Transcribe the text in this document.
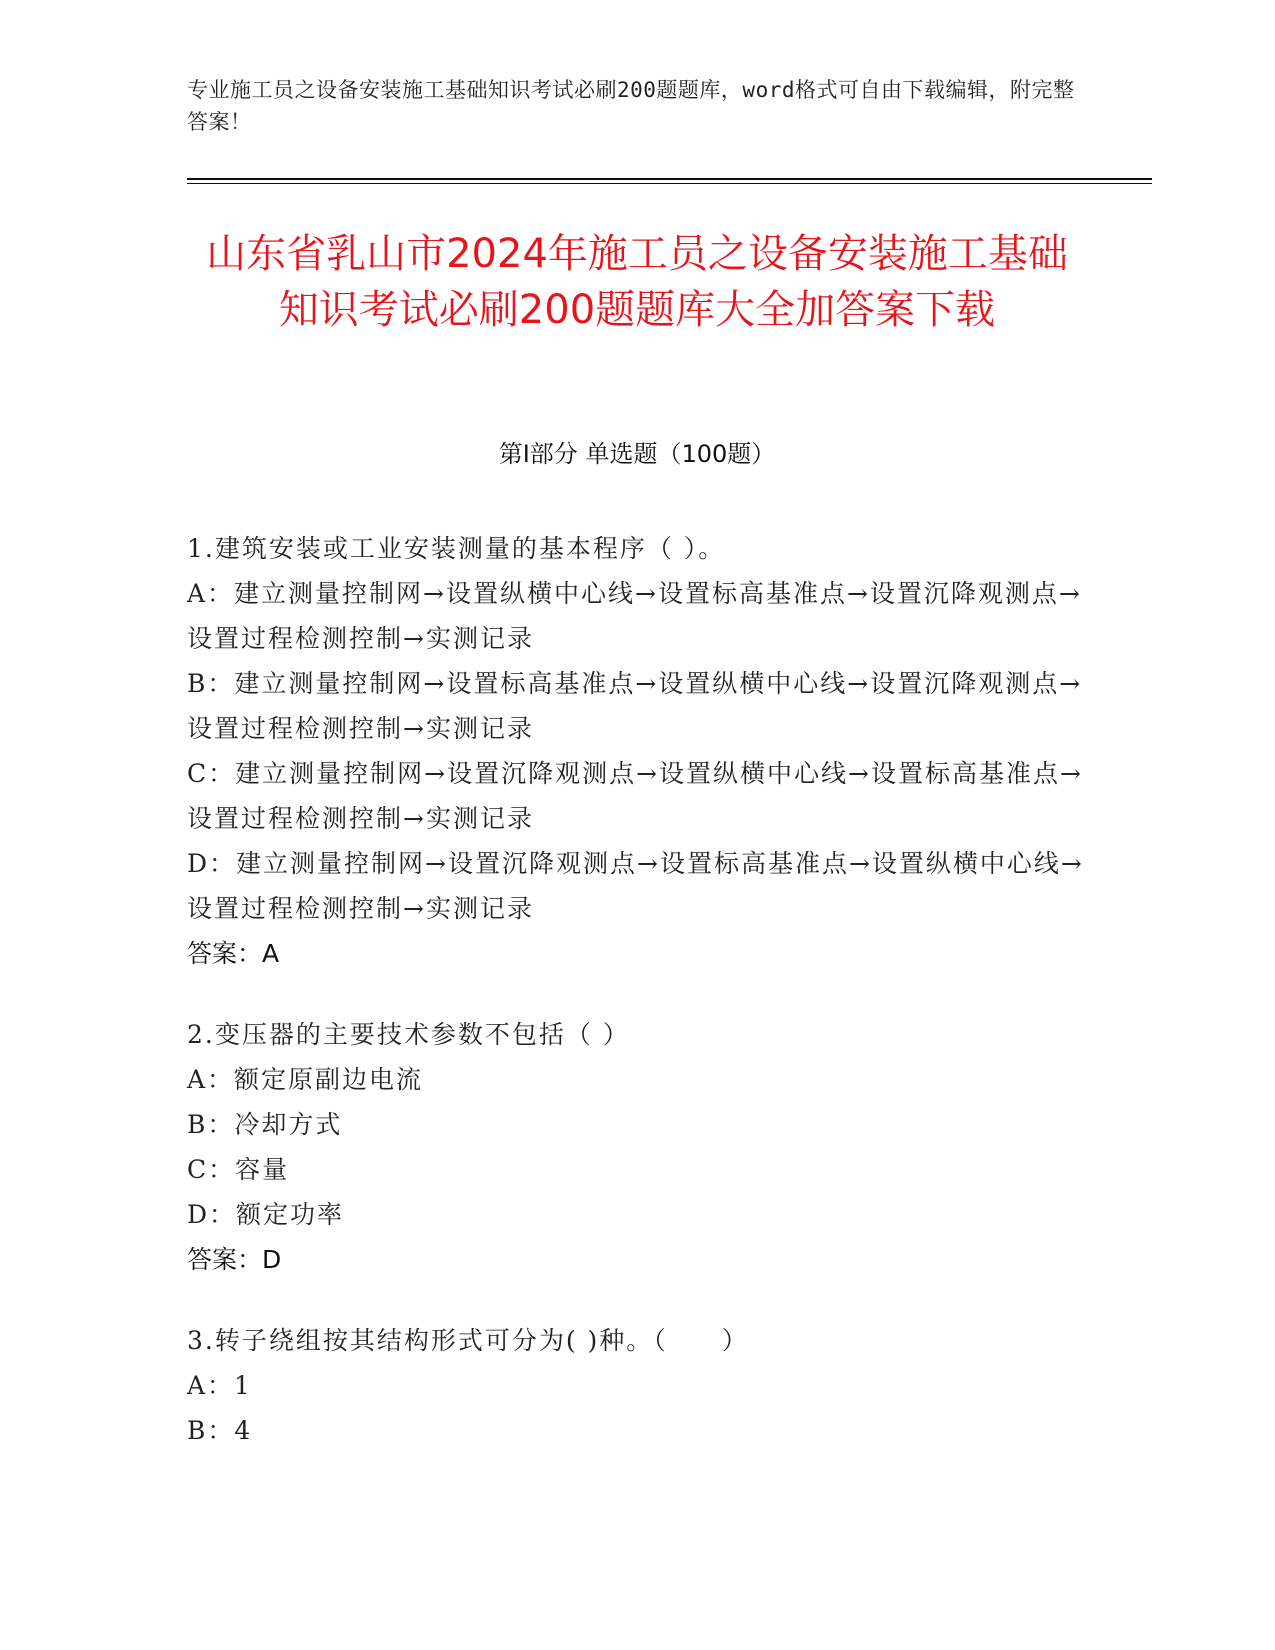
专业施工员之设备安装施工基础知识考试必刷200题题库，word格式可自由下载编辑，附完整答案！
山东省乳山市2024年施工员之设备安装施工基础知识考试必刷200题题库大全加答案下载
第Ⅰ部分 单选题（100题）
1.建筑安装或工业安装测量的基本程序（ ）。
A：建立测量控制网→设置纵横中心线→设置标高基准点→设置沉降观测点→设置过程检测控制→实测记录
B：建立测量控制网→设置标高基准点→设置纵横中心线→设置沉降观测点→设置过程检测控制→实测记录
C：建立测量控制网→设置沉降观测点→设置纵横中心线→设置标高基准点→设置过程检测控制→实测记录
D：建立测量控制网→设置沉降观测点→设置标高基准点→设置纵横中心线→设置过程检测控制→实测记录
答案：A
2.变压器的主要技术参数不包括（ ）
A：额定原副边电流
B：冷却方式
C：容量
D：额定功率
答案：D
3.转子绕组按其结构形式可分为( )种。（　　）
A：1
B：4
